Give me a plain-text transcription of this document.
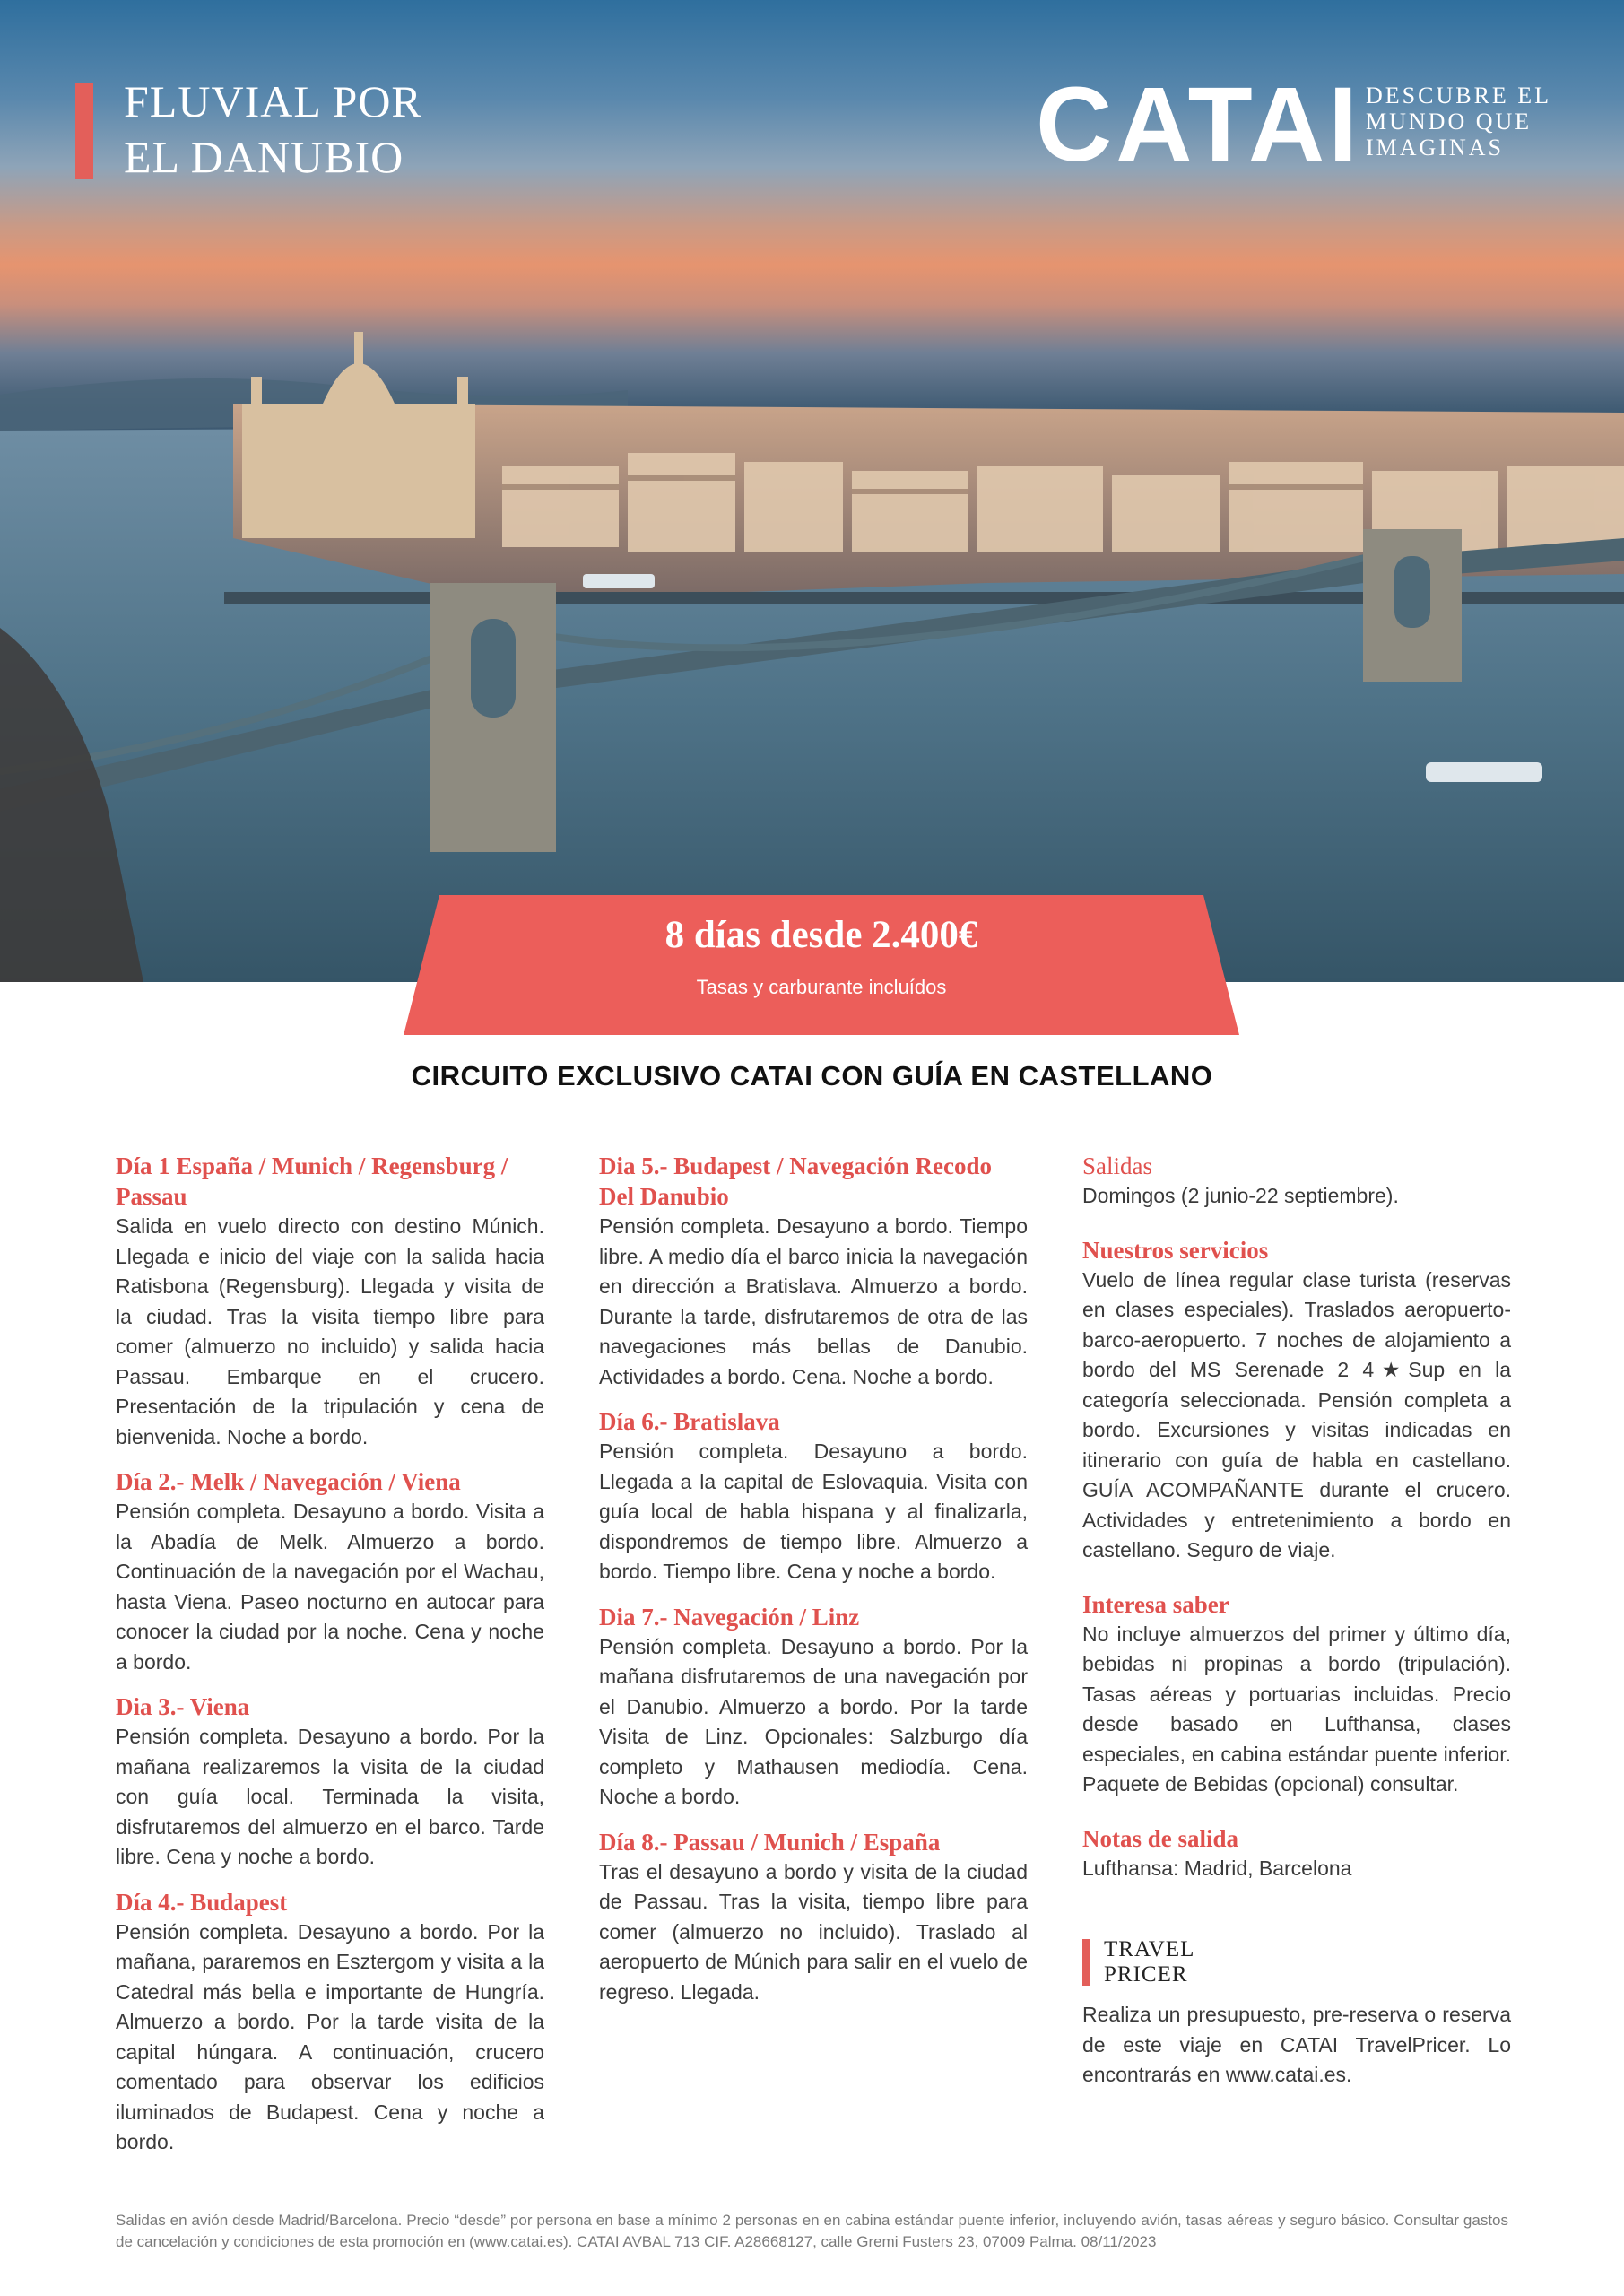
FLUVIAL POR
EL DANUBIO	CATAI DESCUBRE EL
MUNDO QUE
IMAGINAS
8 días desde 2.400€
Tasas y carburante incluídos
CIRCUITO EXCLUSIVO CATAI CON GUÍA EN CASTELLANO

Día 1 España / Munich / Regensburg / Passau

Salida en vuelo directo con destino Múnich. Llegada e inicio del viaje con la salida hacia Ratisbona (Regensburg). Llegada y visita de la ciudad. Tras la visita tiempo libre para comer (almuerzo no incluido) y salida hacia Passau. Embarque en el crucero. Presentación de la tripulación y cena de bienvenida. Noche a bordo.

Día 2.- Melk / Navegación / Viena

Pensión completa. Desayuno a bordo. Visita a la Abadía de Melk. Almuerzo a bordo. Continuación de la navegación por el Wachau, hasta Viena. Paseo nocturno en autocar para conocer la ciudad por la noche. Cena y noche a bordo.

Dia 3.- Viena

Pensión completa. Desayuno a bordo. Por la mañana realizaremos la visita de la ciudad con guía local. Terminada la visita, disfrutaremos del almuerzo en el barco. Tarde libre. Cena y noche a bordo.

Día 4.- Budapest

Pensión completa. Desayuno a bordo. Por la mañana, pararemos en Esztergom y visita a la Catedral más bella e importante de Hungría. Almuerzo a bordo. Por la tarde visita de la capital húngara. A continuación, crucero comentado para observar los edificios iluminados de Budapest. Cena y noche a bordo.

Dia 5.- Budapest / Navegación Recodo Del Danubio

Pensión completa. Desayuno a bordo. Tiempo libre. A medio día el barco inicia la navegación en dirección a Bratislava. Almuerzo a bordo. Durante la tarde, disfrutaremos de otra de las navegaciones más bellas de Danubio. Actividades a bordo. Cena. Noche a bordo.

Día 6.- Bratislava

Pensión completa. Desayuno a bordo. Llegada a la capital de Eslovaquia. Visita con guía local de habla hispana y al finalizarla, dispondremos de tiempo libre. Almuerzo a bordo. Tiempo libre. Cena y noche a bordo.

Dia 7.- Navegación / Linz

Pensión completa. Desayuno a bordo. Por la mañana disfrutaremos de una navegación por el Danubio. Almuerzo a bordo. Por la tarde Visita de Linz. Opcionales: Salzburgo día completo y Mathausen mediodía. Cena. Noche a bordo.

Día 8.- Passau / Munich / España

Tras el desayuno a bordo y visita de la ciudad de Passau. Tras la visita, tiempo libre para comer (almuerzo no incluido). Traslado al aeropuerto de Múnich para salir en el vuelo de regreso. Llegada.

Salidas

Domingos (2 junio-22 septiembre).

Nuestros servicios

Vuelo de línea regular clase turista (reservas en clases especiales). Traslados aeropuerto-barco-aeropuerto. 7 noches de alojamiento a bordo del MS Serenade 2 4★Sup en la categoría seleccionada. Pensión completa a bordo. Excursiones y visitas indicadas en itinerario con guía de habla en castellano. GUÍA ACOMPAÑANTE durante el crucero. Actividades y entretenimiento a bordo en castellano. Seguro de viaje.

Interesa saber

No incluye almuerzos del primer y último día, bebidas ni propinas a bordo (tripulación). Tasas aéreas y portuarias incluidas. Precio desde basado en Lufthansa, clases especiales, en cabina estándar puente inferior. Paquete de Bebidas (opcional) consultar.

Notas de salida

Lufthansa: Madrid, Barcelona

TRAVEL
PRICER

Realiza un presupuesto, pre-reserva o reserva de este viaje en CATAI TravelPricer. Lo encontrarás en www.catai.es.

Salidas en avión desde Madrid/Barcelona. Precio “desde” por persona en base a mínimo 2 personas en en cabina estándar puente inferior, incluyendo avión, tasas aéreas y seguro básico. Consultar gastos de cancelación y condiciones de esta promoción en (www.catai.es). CATAI AVBAL 713 CIF. A28668127, calle Gremi Fusters 23, 07009 Palma. 08/11/2023
